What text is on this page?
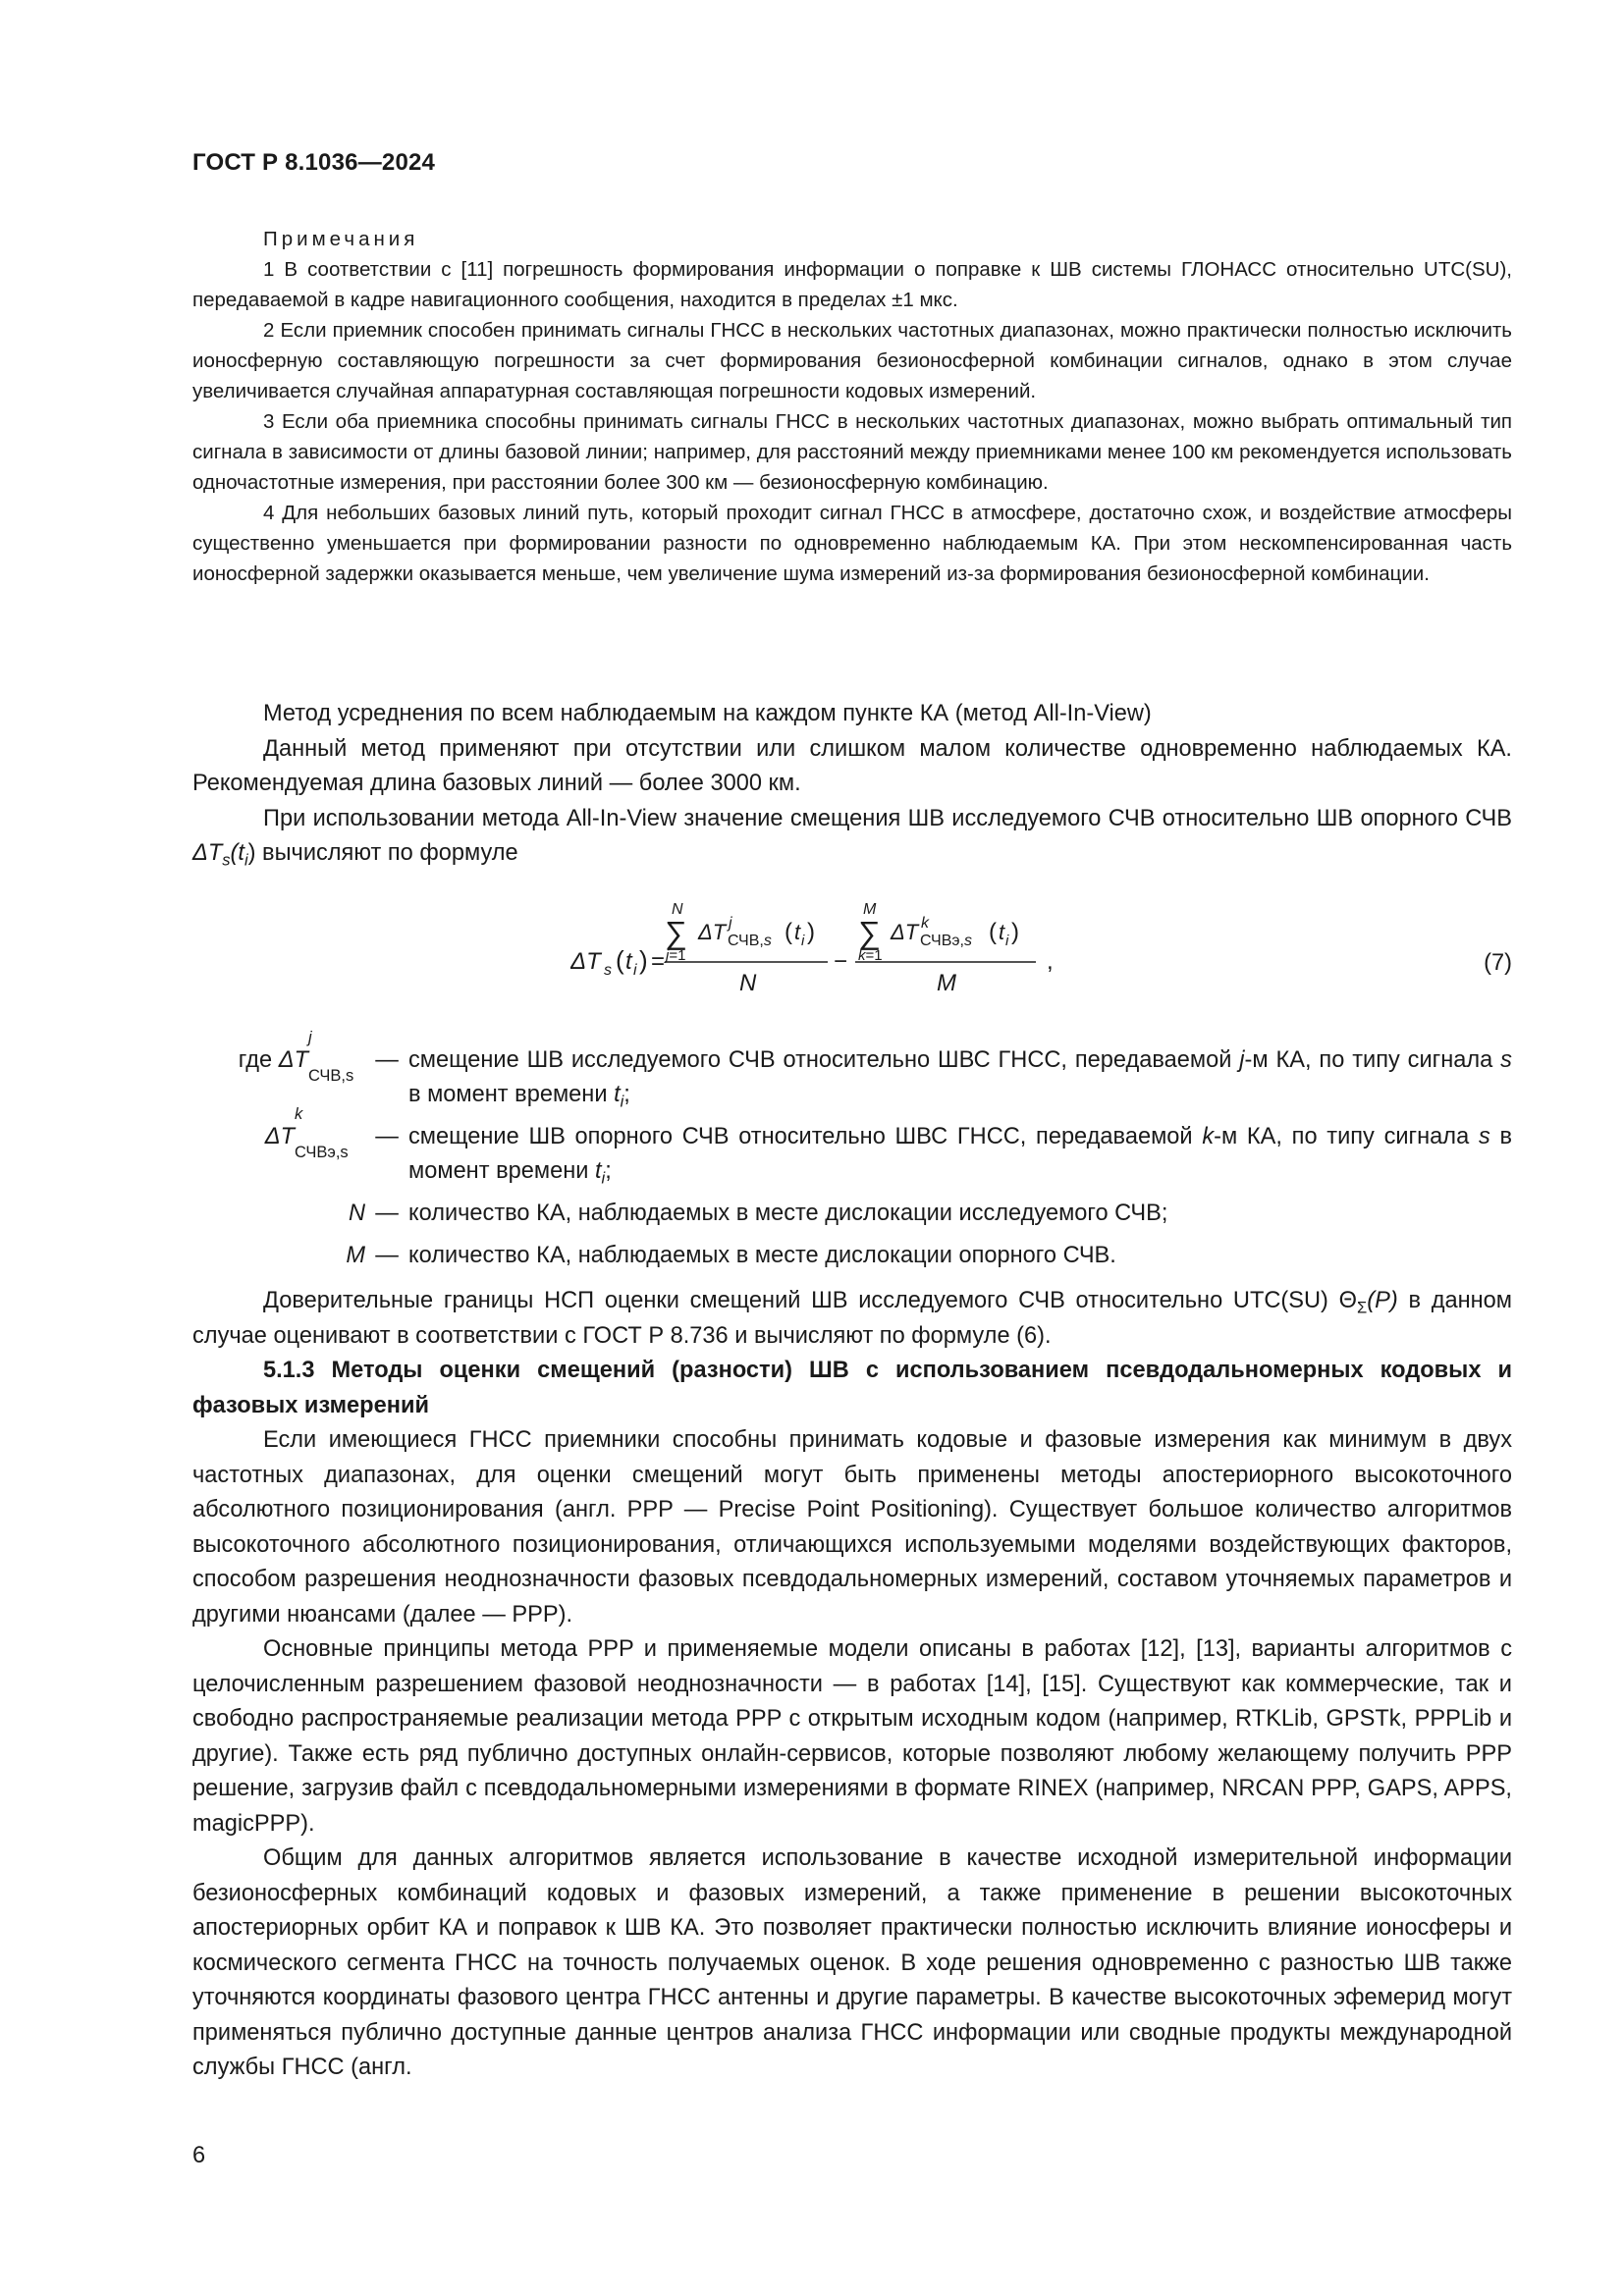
ГОСТ Р 8.1036—2024
Примечания

1 В соответствии с [11] погрешность формирования информации о поправке к ШВ системы ГЛОНАСС относительно UTC(SU), передаваемой в кадре навигационного сообщения, находится в пределах ±1 мкс.

2 Если приемник способен принимать сигналы ГНСС в нескольких частотных диапазонах, можно практически полностью исключить ионосферную составляющую погрешности за счет формирования безионосферной комбинации сигналов, однако в этом случае увеличивается случайная аппаратурная составляющая погрешности кодовых измерений.

3 Если оба приемника способны принимать сигналы ГНСС в нескольких частотных диапазонах, можно выбрать оптимальный тип сигнала в зависимости от длины базовой линии; например, для расстояний между приемниками менее 100 км рекомендуется использовать одночастотные измерения, при расстоянии более 300 км — безионосферную комбинацию.

4 Для небольших базовых линий путь, который проходит сигнал ГНСС в атмосфере, достаточно схож, и воздействие атмосферы существенно уменьшается при формировании разности по одновременно наблюдаемым КА. При этом нескомпенсированная часть ионосферной задержки оказывается меньше, чем увеличение шума измерений из-за формирования безионосферной комбинации.

Метод усреднения по всем наблюдаемым на каждом пункте КА (метод All-In-View)

Данный метод применяют при отсутствии или слишком малом количестве одновременно наблюдаемых КА. Рекомендуемая длина базовых линий — более 3000 км.

При использовании метода All-In-View значение смещения ШВ исследуемого СЧВ относительно ШВ опорного СЧВ $\Delta T_s(t_i)$ вычисляют по формуле

ΔT s ( t i ) =
N
∑
j=1
ΔT j
СЧВ,s ( t i )
N
−
M
∑
k=1
ΔT k
СЧВэ,s ( t i )
M
,	(7)
где ΔT
j
$_{СЧВ,s}$
— смещение ШВ исследуемого СЧВ относительно ШВС ГНСС, передаваемой j-м КА, по типу сигнала s в момент времени $t_i$;
ΔT
k
$_{СЧВэ,s}$
— смещение ШВ опорного СЧВ относительно ШВС ГНСС, передаваемой k-м КА, по типу сигнала s в момент времени $t_i$;
N — количество КА, наблюдаемых в месте дислокации исследуемого СЧВ;
M — количество КА, наблюдаемых в месте дислокации опорного СЧВ.

Доверительные границы НСП оценки смещений ШВ исследуемого СЧВ относительно UTC(SU) $\Theta_\Sigma(P)$ в данном случае оценивают в соответствии с ГОСТ Р 8.736 и вычисляют по формуле (6).

5.1.3 Методы оценки смещений (разности) ШВ с использованием псевдодальномерных кодовых и фазовых измерений

Если имеющиеся ГНСС приемники способны принимать кодовые и фазовые измерения как минимум в двух частотных диапазонах, для оценки смещений могут быть применены методы апостериорного высокоточного абсолютного позиционирования (англ. PPP — Precise Point Positioning). Существует большое количество алгоритмов высокоточного абсолютного позиционирования, отличающихся используемыми моделями воздействующих факторов, способом разрешения неоднозначности фазовых псевдодальномерных измерений, составом уточняемых параметров и другими нюансами (далее — PPP).

Основные принципы метода PPP и применяемые модели описаны в работах [12], [13], варианты алгоритмов с целочисленным разрешением фазовой неоднозначности — в работах [14], [15]. Существуют как коммерческие, так и свободно распространяемые реализации метода PPP с открытым исходным кодом (например, RTKLib, GPSTk, PPPLib и другие). Также есть ряд публично доступных онлайн-сервисов, которые позволяют любому желающему получить PPP решение, загрузив файл с псевдодальномерными измерениями в формате RINEX (например, NRCAN PPP, GAPS, APPS, magicPPP).

Общим для данных алгоритмов является использование в качестве исходной измерительной информации безионосферных комбинаций кодовых и фазовых измерений, а также применение в решении высокоточных апостериорных орбит КА и поправок к ШВ КА. Это позволяет практически полностью исключить влияние ионосферы и космического сегмента ГНСС на точность получаемых оценок. В ходе решения одновременно с разностью ШВ также уточняются координаты фазового центра ГНСС антенны и другие параметры. В качестве высокоточных эфемерид могут применяться публично доступные данные центров анализа ГНСС информации или сводные продукты международной службы ГНСС (англ.

6
